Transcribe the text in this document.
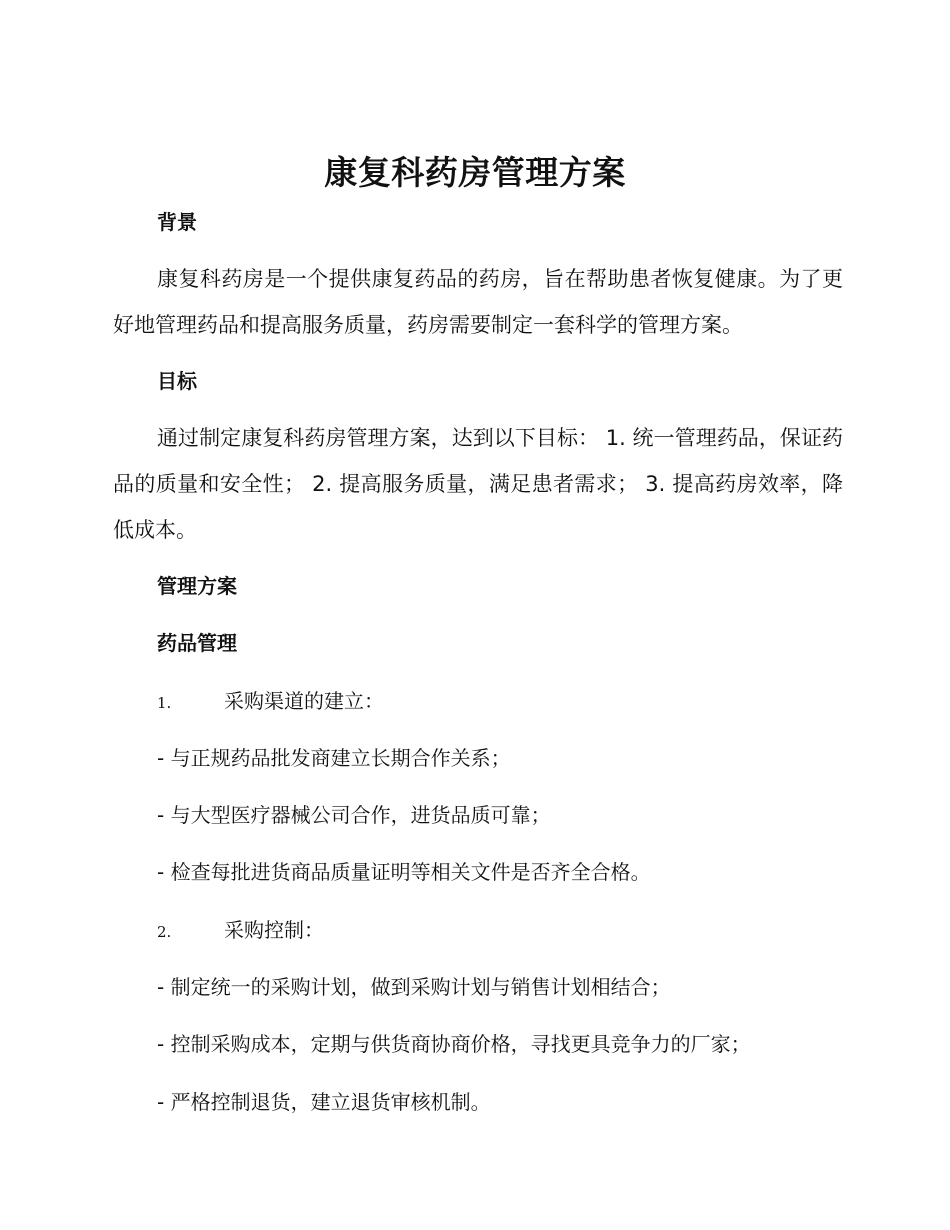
康复科药房管理方案
背景
康复科药房是一个提供康复药品的药房，旨在帮助患者恢复健康。为了更好地管理药品和提高服务质量，药房需要制定一套科学的管理方案。
目标
通过制定康复科药房管理方案，达到以下目标： 1. 统一管理药品，保证药品的质量和安全性； 2. 提高服务质量，满足患者需求； 3. 提高药房效率，降低成本。
管理方案
药品管理
1.	采购渠道的建立：
- 与正规药品批发商建立长期合作关系；
- 与大型医疗器械公司合作，进货品质可靠；
- 检查每批进货商品质量证明等相关文件是否齐全合格。
2.	采购控制：
- 制定统一的采购计划，做到采购计划与销售计划相结合；
- 控制采购成本，定期与供货商协商价格，寻找更具竞争力的厂家；
- 严格控制退货，建立退货审核机制。
